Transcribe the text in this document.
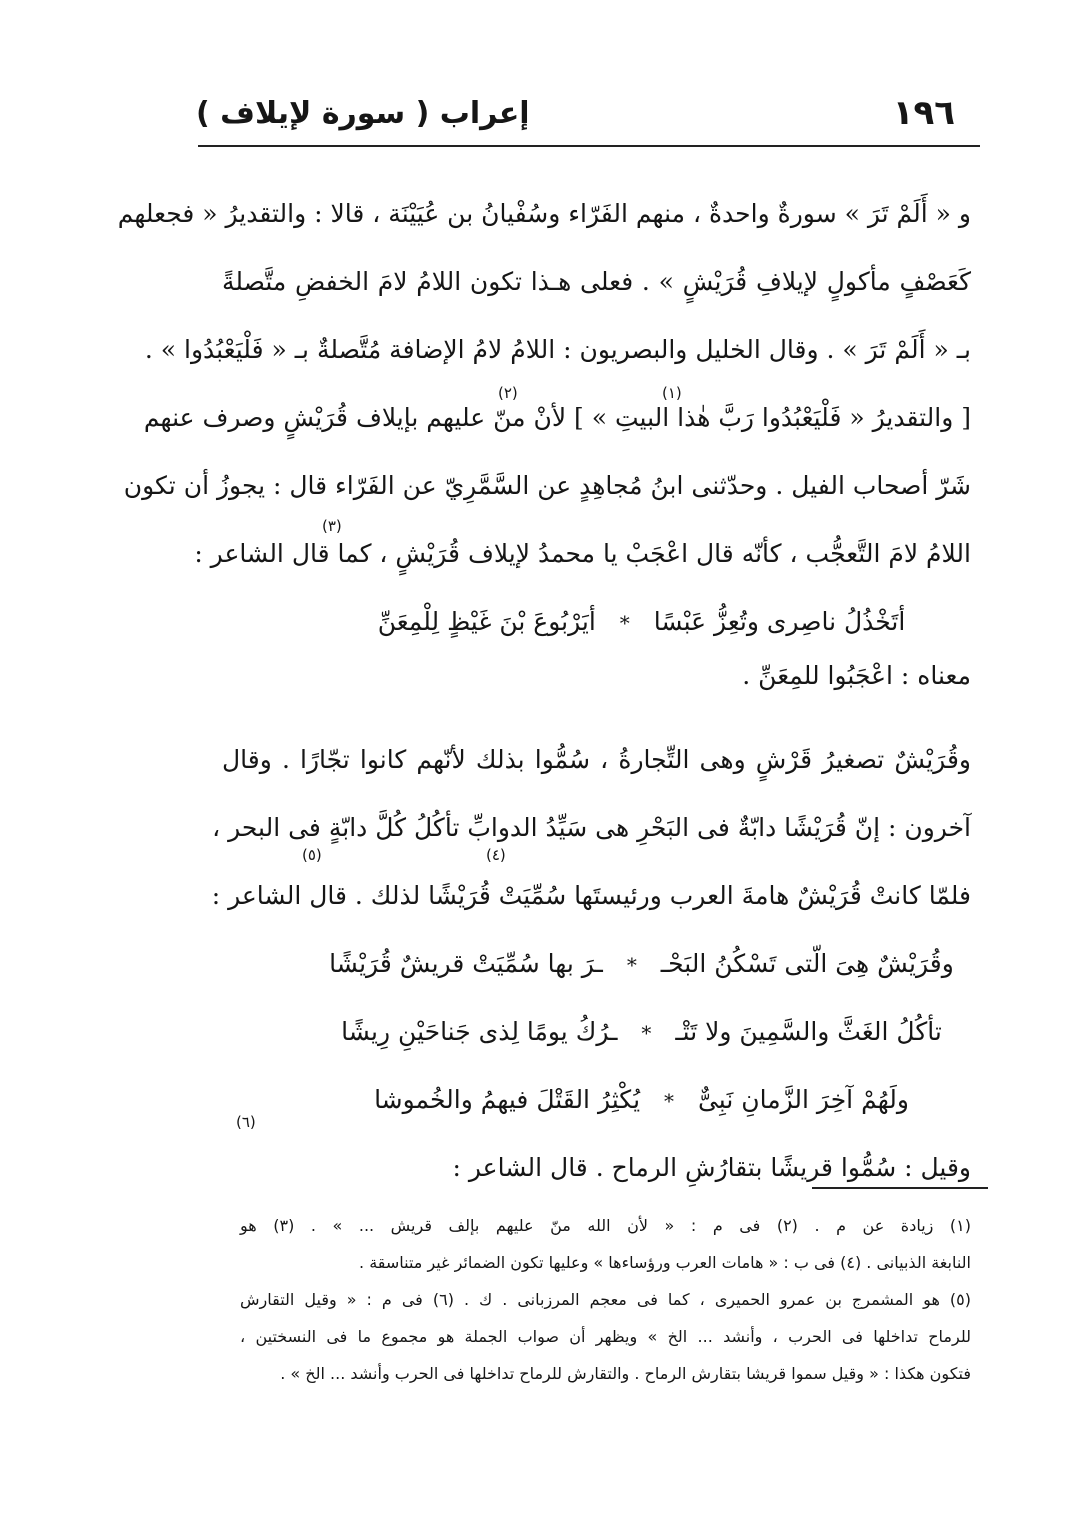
١٩٦
إعراب ( سورة لإيلاف )
و « أَلَمْ تَرَ » سورةٌ واحدةٌ ، منهم الفَرّاء وسُفْيانُ بن عُيَيْنَة ، قالا : والتقديرُ « فجعلهم
كَعَصْفٍ مأكولٍ لإيلافِ قُرَيْشٍ » . فعلى هـذا تكون اللامُ لامَ الخفضِ متَّصلةً
بـ « أَلَمْ تَرَ » . وقال الخليل والبصريون : اللامُ لامُ الإضافة مُتَّصلةٌ بـ « فَلْيَعْبُدُوا » .
[ والتقديرُ « فَلْيَعْبُدُوا رَبَّ هٰذا البيتِ » ] لأنْ منّ عليهم بإيلاف قُرَيْشٍ وصرف عنهم
شَرّ أصحاب الفيل . وحدّثنى ابنُ مُجاهِدٍ عن السَّمَّرِيّ عن الفَرّاء قال : يجوزُ أن تكون
اللامُ لامَ التَّعجُّب ، كأنّه قال اعْجَبْ يا محمدُ لإيلاف قُرَيْشٍ ، كما قال الشاعر :
أتَخْذُلُ ناصِرى وتُعِزُّ عَبْسًا * أيَرْبُوعَ بْنَ غَيْظٍ لِلْمِعَنِّ
معناه : اعْجَبُوا للمِعَنِّ .
وقُرَيْشٌ تصغيرُ قَرْشٍ وهى التِّجارةُ ، سُمُّوا بذلك لأنّهم كانوا تجّارًا . وقال
آخرون : إنّ قُرَيْشًا دابّةٌ فى البَحْرِ هى سَيِّدُ الدوابِّ تأكُلُ كُلَّ دابّةٍ فى البحر ،
فلمّا كانتْ قُرَيْشٌ هامةَ العرب ورئيستَها سُمِّيَتْ قُرَيْشًا لذلك . قال الشاعر :
وقُرَيْشٌ هِىَ الّتى تَسْكُنُ البَحْـ * ـرَ بها سُمِّيَتْ قريشٌ قُرَيْشًا
تأكُلُ الغَثَّ والسَّمِينَ ولا تَتْـ * ـرُكُ يومًا لِذى جَناحَيْنِ رِيشًا
ولَهُمْ آخِرَ الزَّمانِ نَبِىٌّ * يُكْثِرُ القَتْلَ فيهمُ والخُموشا
وقيل : سُمُّوا قريشًا بتقارُشِ الرماح . قال الشاعر :
(١)
(٢)
(٣)
(٤)
(٥)
(٦)
(١) زيادة عن م . (٢) فى م : « لأن الله منّ عليهم بإلف قريش ... » . (٣) هو
النابغة الذبيانى . (٤) فى ب : « هامات العرب ورؤساءها » وعليها تكون الضمائر غير متناسقة .
(٥) هو المشمرج بن عمرو الحميرى ، كما فى معجم المرزبانى . ك . (٦) فى م : « وقيل التقارش
للرماح تداخلها فى الحرب ، وأنشد ... الخ » ويظهر أن صواب الجملة هو مجموع ما فى النسختين ،
فتكون هكذا : « وقيل سموا قريشا بتقارش الرماح . والتقارش للرماح تداخلها فى الحرب وأنشد ... الخ » .
